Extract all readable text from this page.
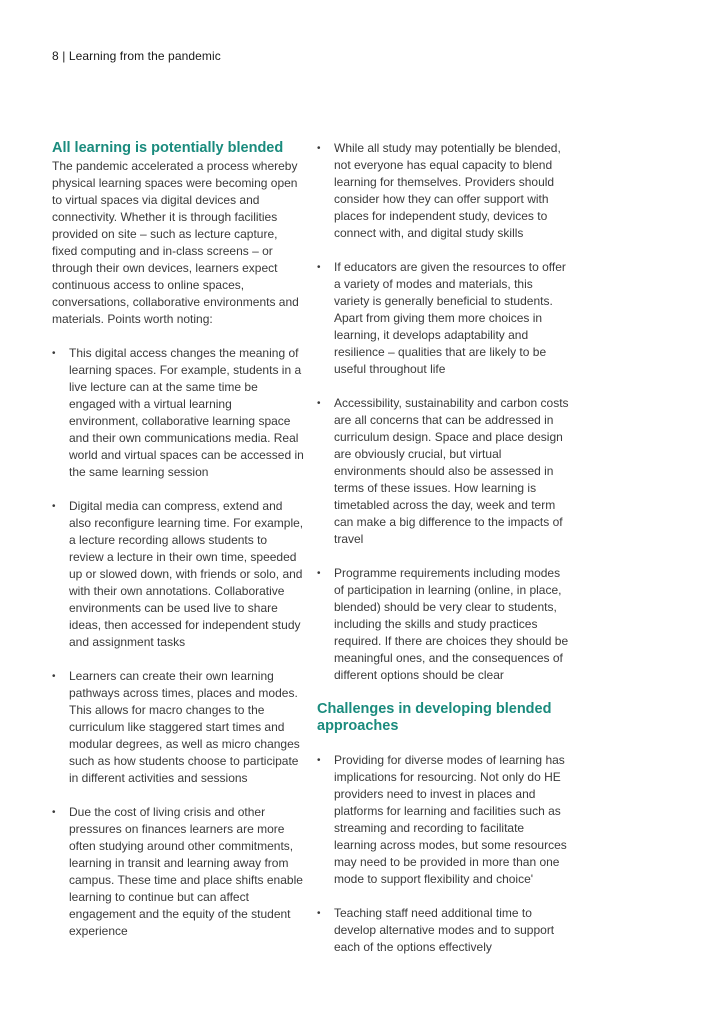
8 | Learning from the pandemic
All learning is potentially blended

The pandemic accelerated a process whereby physical learning spaces were becoming open to virtual spaces via digital devices and connectivity. Whether it is through facilities provided on site – such as lecture capture, fixed computing and in-class screens – or through their own devices, learners expect continuous access to online spaces, conversations, collaborative environments and materials. Points worth noting:

• This digital access changes the meaning of learning spaces. For example, students in a live lecture can at the same time be engaged with a virtual learning environment, collaborative learning space and their own communications media. Real world and virtual spaces can be accessed in the same learning session
• Digital media can compress, extend and also reconfigure learning time. For example, a lecture recording allows students to review a lecture in their own time, speeded up or slowed down, with friends or solo, and with their own annotations. Collaborative environments can be used live to share ideas, then accessed for independent study and assignment tasks
• Learners can create their own learning pathways across times, places and modes. This allows for macro changes to the curriculum like staggered start times and modular degrees, as well as micro changes such as how students choose to participate in different activities and sessions
• Due the cost of living crisis and other pressures on finances learners are more often studying around other commitments, learning in transit and learning away from campus. These time and place shifts enable learning to continue but can affect engagement and the equity of the student experience
• While all study may potentially be blended, not everyone has equal capacity to blend learning for themselves. Providers should consider how they can offer support with places for independent study, devices to connect with, and digital study skills
• If educators are given the resources to offer a variety of modes and materials, this variety is generally beneficial to students. Apart from giving them more choices in learning, it develops adaptability and resilience – qualities that are likely to be useful throughout life
• Accessibility, sustainability and carbon costs are all concerns that can be addressed in curriculum design. Space and place design are obviously crucial, but virtual environments should also be assessed in terms of these issues. How learning is timetabled across the day, week and term can make a big difference to the impacts of travel
• Programme requirements including modes of participation in learning (online, in place, blended) should be very clear to students, including the skills and study practices required. If there are choices they should be meaningful ones, and the consequences of different options should be clear
Challenges in developing blended approaches
• Providing for diverse modes of learning has implications for resourcing. Not only do HE providers need to invest in places and platforms for learning and facilities such as streaming and recording to facilitate learning across modes, but some resources may need to be provided in more than one mode to support flexibility and choice'
• Teaching staff need additional time to develop alternative modes and to support each of the options effectively
